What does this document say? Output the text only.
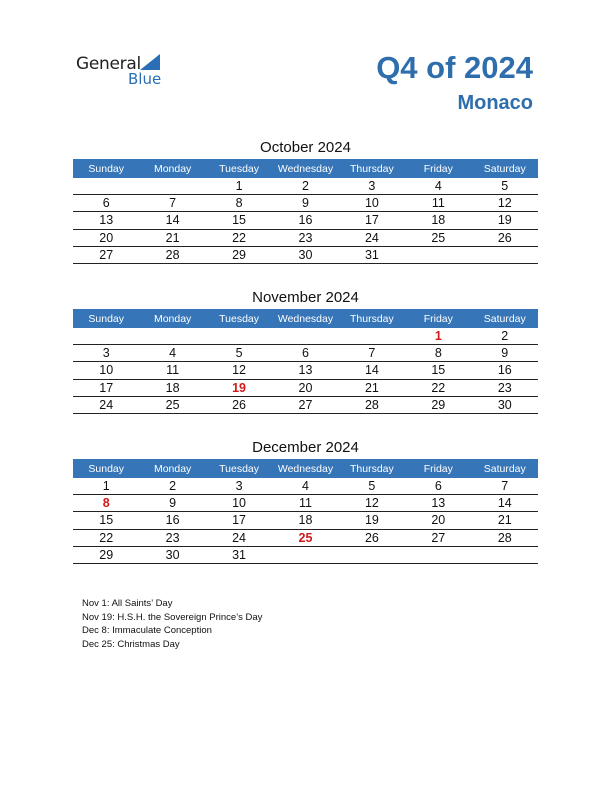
General
Blue	Q4 of 2024
Monaco
October 2024
Sunday	Monday	Tuesday	Wednesday	Thursday	Friday	Saturday
		1	2	3	4	5
6	7	8	9	10	11	12
13	14	15	16	17	18	19
20	21	22	23	24	25	26
27	28	29	30	31		
November 2024
Sunday	Monday	Tuesday	Wednesday	Thursday	Friday	Saturday
					1	2
3	4	5	6	7	8	9
10	11	12	13	14	15	16
17	18	19	20	21	22	23
24	25	26	27	28	29	30
December 2024
Sunday	Monday	Tuesday	Wednesday	Thursday	Friday	Saturday
1	2	3	4	5	6	7
8	9	10	11	12	13	14
15	16	17	18	19	20	21
22	23	24	25	26	27	28
29	30	31				
Nov 1: All Saints’ Day
Nov 19: H.S.H. the Sovereign Prince’s Day
Dec 8: Immaculate Conception
Dec 25: Christmas Day
